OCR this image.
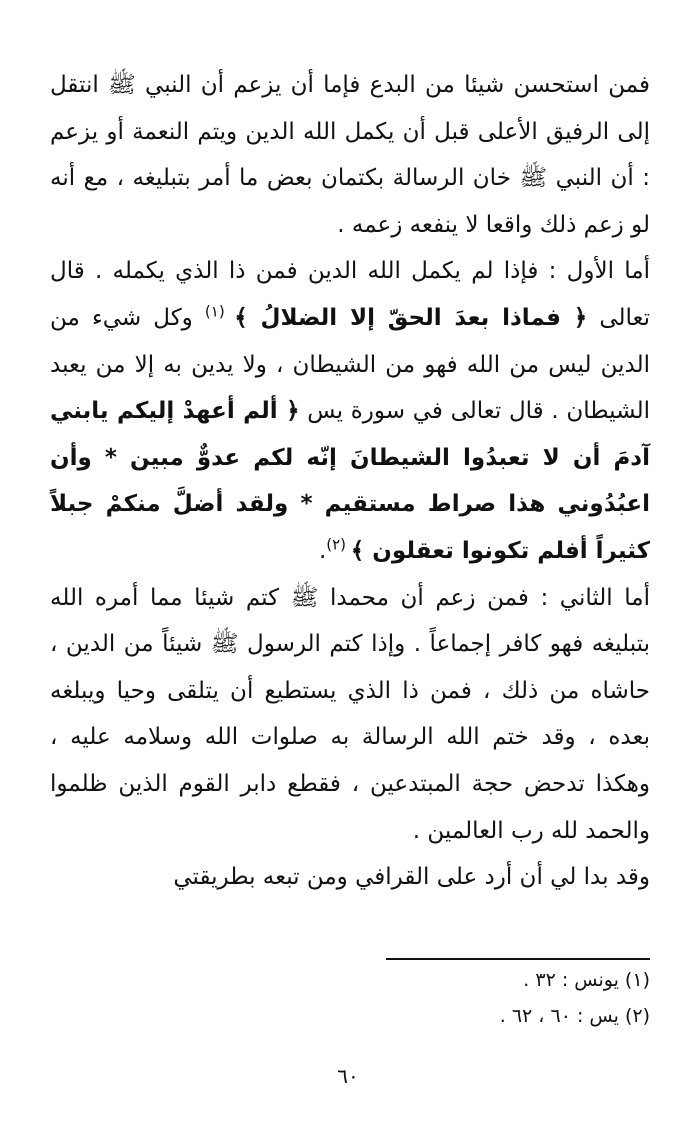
فمن استحسن شيئا من البدع فإما أن يزعم أن النبي ﷺ انتقل إلى الرفيق الأعلى قبل أن يكمل الله الدين ويتم النعمة أو يزعم : أن النبي ﷺ خان الرسالة بكتمان بعض ما أمر بتبليغه ، مع أنه لو زعم ذلك واقعا لا ينفعه زعمه .

أما الأول : فإذا لم يكمل الله الدين فمن ذا الذي يكمله . قال تعالى ﴿ فماذا بعدَ الحقّ إلا الضلالُ ﴾ $^{(١)}$ وكل شيء من الدين ليس من الله فهو من الشيطان ، ولا يدين به إلا من يعبد الشيطان . قال تعالى في سورة يس ﴿ ألم أعهدْ إليكم يابني آدمَ أن لا تعبدُوا الشيطانَ إنّه لكم عدوٌّ مبين * وأن اعبُدُوني هذا صراط مستقيم * ولقد أضلَّ منكمْ جبلاً كثيراً أفلم تكونوا تعقلون ﴾ $^{(٢)}$.

أما الثاني : فمن زعم أن محمدا ﷺ كتم شيئا مما أمره الله بتبليغه فهو كافر إجماعاً . وإذا كتم الرسول ﷺ شيئاً من الدين ، حاشاه من ذلك ، فمن ذا الذي يستطيع أن يتلقى وحيا ويبلغه بعده ، وقد ختم الله الرسالة به صلوات الله وسلامه عليه ، وهكذا تدحض حجة المبتدعين ، فقطع دابر القوم الذين ظلموا والحمد لله رب العالمين .

وقد بدا لي أن أرد على القرافي ومن تبعه بطريقتي

(١) يونس : ٣٢ .

(٢) يس : ٦٠ ، ٦٢ .

٦٠
